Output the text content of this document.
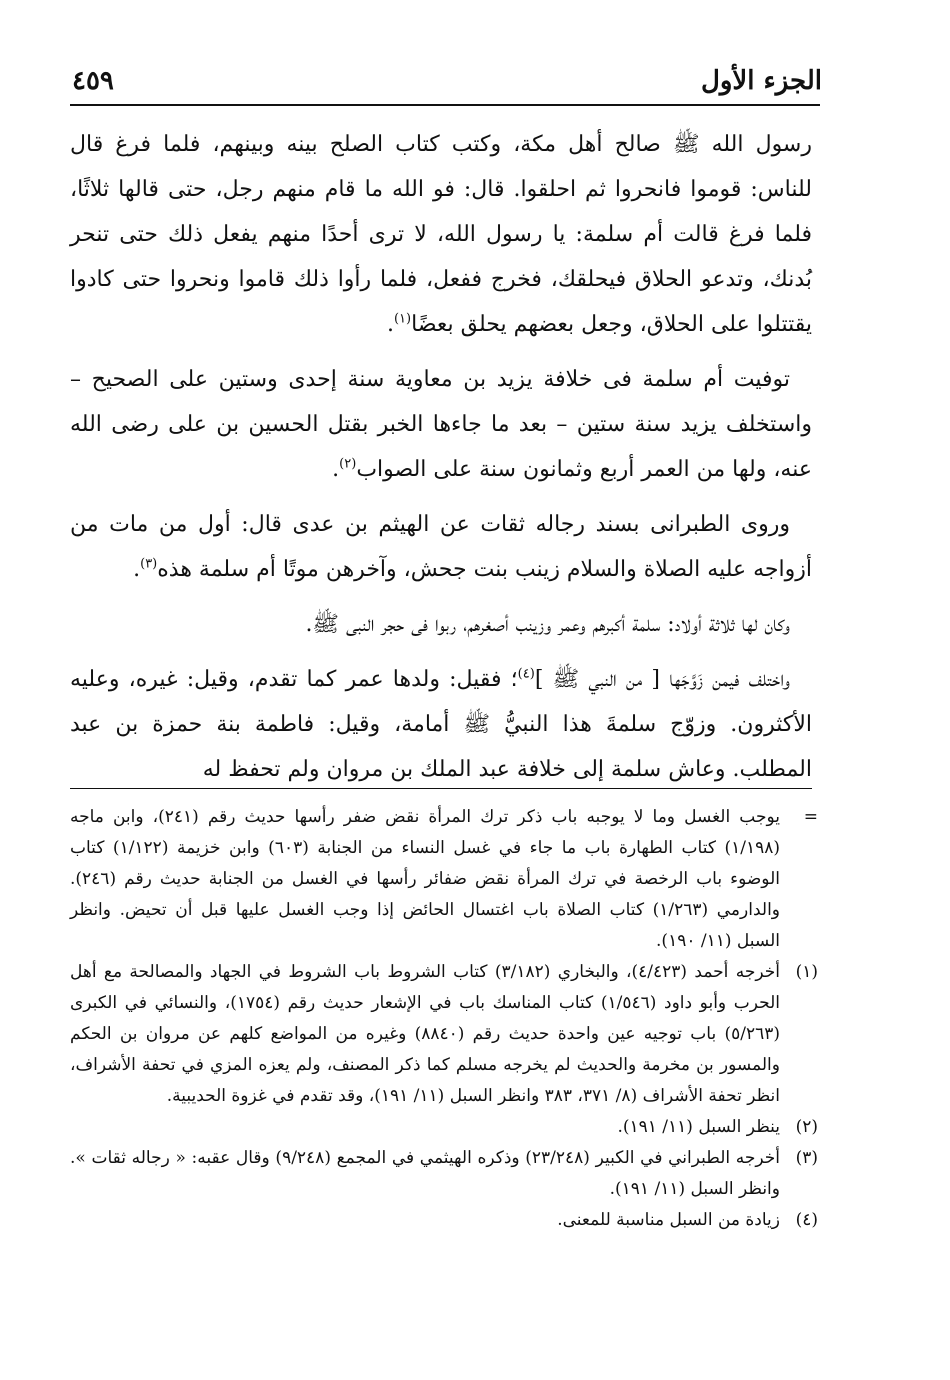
الجزء الأول
٤٥٩

رسول الله ﷺ صالح أهل مكة، وكتب كتاب الصلح بينه وبينهم، فلما فرغ قال للناس: قوموا فانحروا ثم احلقوا. قال: فو الله ما قام منهم رجل، حتى قالها ثلاثًا، فلما فرغ قالت أم سلمة: يا رسول الله، لا ترى أحدًا منهم يفعل ذلك حتى تنحر بُدنك، وتدعو الحلاق فيحلقك، فخرج ففعل، فلما رأوا ذلك قاموا ونحروا حتى كادوا يقتتلوا على الحلاق، وجعل بعضهم يحلق بعضًا$^{(١)}$.

توفيت أم سلمة فى خلافة يزيد بن معاوية سنة إحدى وستين على الصحيح – واستخلف يزيد سنة ستين – بعد ما جاءها الخبر بقتل الحسين بن على رضى الله عنه، ولها من العمر أربع وثمانون سنة على الصواب$^{(٢)}$.

وروى الطبرانى بسند رجاله ثقات عن الهيثم بن عدى قال: أول من مات من أزواجه عليه الصلاة والسلام زينب بنت جحش، وآخرهن موتًا أم سلمة هذه$^{(٣)}$.

وكان لها ثلاثة أولاد: سلمة أكبرهم وعمر وزينب أصغرهم، ربوا فى حجر النبى ﷺ.

واختلف فيمن زَوَّجَها [ من النبي ﷺ ]$^{(٤)}$؛ فقيل: ولدها عمر كما تقدم، وقيل: غيره، وعليه الأكثرون. وزوّج سلمةَ هذا النبيُّ ﷺ أمامة، وقيل: فاطمة بنة حمزة بن عبد المطلب. وعاش سلمة إلى خلافة عبد الملك بن مروان ولم تحفظ له

=
يوجب الغسل وما لا يوجبه باب ذكر ترك المرأة نقض ضفر رأسها حديث رقم (٢٤١)، وابن ماجه (١/١٩٨) كتاب الطهارة باب ما جاء في غسل النساء من الجنابة (٦٠٣) وابن خزيمة (١/١٢٢) كتاب الوضوء باب الرخصة في ترك المرأة نقض ضفائر رأسها في الغسل من الجنابة حديث رقم (٢٤٦). والدارمي (١/٢٦٣) كتاب الصلاة باب اغتسال الحائض إذا وجب الغسل عليها قبل أن تحيض. وانظر السبل (١١/ ١٩٠).
(١)
أخرجه أحمد (٤/٤٢٣)، والبخاري (٣/١٨٢) كتاب الشروط باب الشروط في الجهاد والمصالحة مع أهل الحرب وأبو داود (١/٥٤٦) كتاب المناسك باب في الإشعار حديث رقم (١٧٥٤)، والنسائي في الكبرى (٥/٢٦٣) باب توجيه عين واحدة حديث رقم (٨٨٤٠) وغيره من المواضع كلهم عن مروان بن الحكم والمسور بن مخرمة والحديث لم يخرجه مسلم كما ذكر المصنف، ولم يعزه المزي في تحفة الأشراف، انظر تحفة الأشراف (٨/ ٣٧١، ٣٨٣ وانظر السبل (١١/ ١٩١)، وقد تقدم في غزوة الحديبية.
(٢)
ينظر السبل (١١/ ١٩١).
(٣)
أخرجه الطبراني في الكبير (٢٣/٢٤٨) وذكره الهيثمي في المجمع (٩/٢٤٨) وقال عقبه: « رجاله ثقات ». وانظر السبل (١١/ ١٩١).
(٤)
زيادة من السبل مناسبة للمعنى.
